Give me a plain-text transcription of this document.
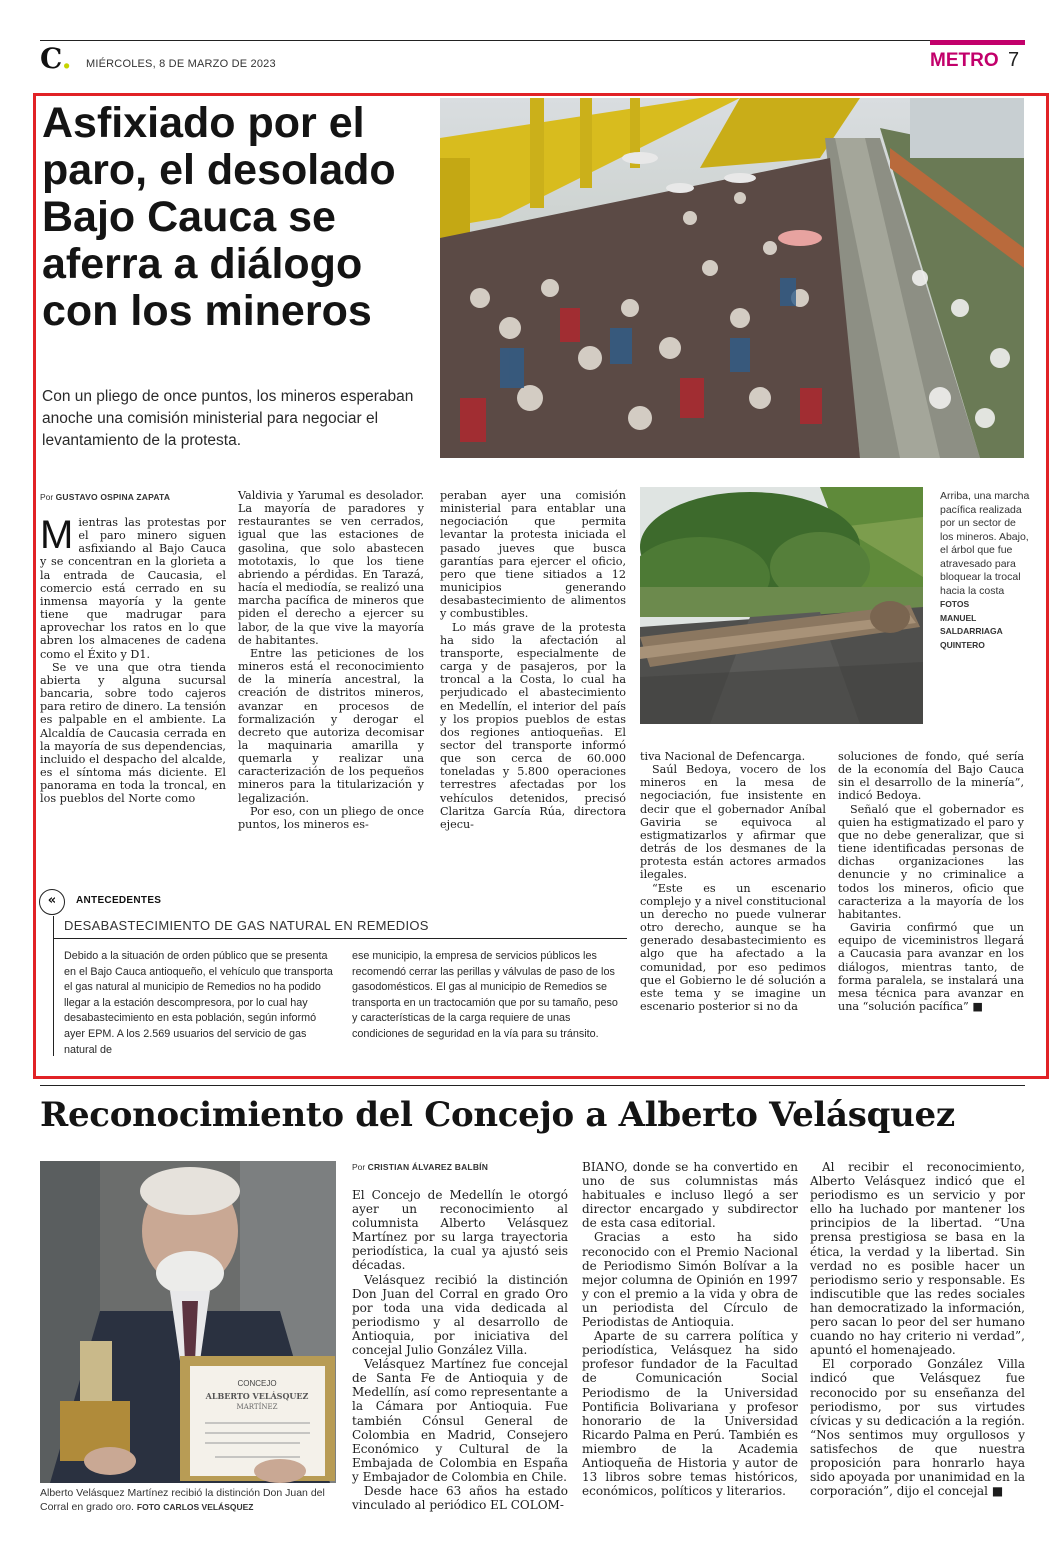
C. MIÉRCOLES, 8 DE MARZO DE 2023	METRO 7
Asfixiado por el paro, el desolado Bajo Cauca se aferra a diálogo con los mineros

Con un pliego de once puntos, los mineros esperaban anoche una comisión ministerial para negociar el levantamiento de la protesta.

Por GUSTAVO OSPINA ZAPATA

Mientras las protestas por el paro minero siguen asfixiando al Bajo Cauca y se concentran en la glorieta a la entrada de Caucasia, el comercio está cerrado en su inmensa mayoría y la gente tiene que madrugar para aprovechar los ratos en lo que abren los almacenes de cadena como el Éxito y D1.

Se ve una que otra tienda abierta y alguna sucursal bancaria, sobre todo cajeros para retiro de dinero. La tensión es palpable en el ambiente. La Alcaldía de Caucasia cerrada en la mayoría de sus dependencias, incluido el despacho del alcalde, es el síntoma más diciente. El panorama en toda la troncal, en los pueblos del Norte como

Valdivia y Yarumal es desolador. La mayoría de paradores y restaurantes se ven cerrados, igual que las estaciones de gasolina, que solo abastecen mototaxis, lo que los tiene abriendo a pérdidas. En Tarazá, hacía el mediodía, se realizó una marcha pacífica de mineros que piden el derecho a ejercer su labor, de la que vive la mayoría de habitantes.

Entre las peticiones de los mineros está el reconocimiento de la minería ancestral, la creación de distritos mineros, avanzar en procesos de formalización y derogar el decreto que autoriza decomisar la maquinaria amarilla y quemarla y realizar una caracterización de los pequeños mineros para la titularización y legalización.

Por eso, con un pliego de once puntos, los mineros es-

peraban ayer una comisión ministerial para entablar una negociación que permita levantar la protesta iniciada el pasado jueves que busca garantías para ejercer el oficio, pero que tiene sitiados a 12 municipios generando desabastecimiento de alimentos y combustibles.

Lo más grave de la protesta ha sido la afectación al transporte, especialmente de carga y de pasajeros, por la troncal a la Costa, lo cual ha perjudicado el abastecimiento en Medellín, el interior del país y los propios pueblos de estas dos regiones antioqueñas. El sector del transporte informó que son cerca de 60.000 toneladas y 5.800 operaciones terrestres afectadas por los vehículos detenidos, precisó Claritza García Rúa, directora ejecu-

Arriba, una marcha pacífica realizada por un sector de los mineros. Abajo, el árbol que fue atravesado para bloquear la trocal hacia la costa FOTOS
MANUEL SALDARRIAGA QUINTERO

tiva Nacional de Defencarga.

Saúl Bedoya, vocero de los mineros en la mesa de negociación, fue insistente en decir que el gobernador Aníbal Gaviria se equivoca al estigmatizarlos y afirmar que detrás de los desmanes de la protesta están actores armados ilegales.

“Este es un escenario complejo y a nivel constitucional un derecho no puede vulnerar otro derecho, aunque se ha generado desabastecimiento es algo que ha afectado a la comunidad, por eso pedimos que el Gobierno le dé solución a este tema y se imagine un escenario posterior si no da

soluciones de fondo, qué sería de la economía del Bajo Cauca sin el desarrollo de la minería”, indicó Bedoya.

Señaló que el gobernador es quien ha estigmatizado el paro y que no debe generalizar, que si tiene identificadas personas de dichas organizaciones las denuncie y no criminalice a todos los mineros, oficio que caracteriza a la mayoría de los habitantes.

Gaviria confirmó que un equipo de viceministros llegará a Caucasia para avanzar en los diálogos, mientras tanto, de forma paralela, se instalará una mesa técnica para avanzar en una “solución pacífica” ■

«	ANTECEDENTES
DESABASTECIMIENTO DE GAS NATURAL EN REMEDIOS
Debido a la situación de orden público que se presenta en el Bajo Cauca antioqueño, el vehículo que transporta el gas natural al municipio de Remedios no ha podido llegar a la estación descompresora, por lo cual hay desabastecimiento en esta población, según informó ayer EPM. A los 2.569 usuarios del servicio de gas natural de
ese municipio, la empresa de servicios públicos les recomendó cerrar las perillas y válvulas de paso de los gasodomésticos. El gas al municipio de Remedios se transporta en un tractocamión que por su tamaño, peso y características de la carga requiere de unas condiciones de seguridad en la vía para su tránsito.
Reconocimiento del Concejo a Alberto Velásquez
CONCEJO
ALBERTO VELÁSQUEZ
MARTÍNEZ
Alberto Velásquez Martínez recibió la distinción Don Juan del Corral en grado oro. FOTO CARLOS VELÁSQUEZ
Por CRISTIAN ÁLVAREZ BALBÍN

El Concejo de Medellín le otorgó ayer un reconocimiento al columnista Alberto Velásquez Martínez por su larga trayectoria periodística, la cual ya ajustó seis décadas.

Velásquez recibió la distinción Don Juan del Corral en grado Oro por toda una vida dedicada al periodismo y al desarrollo de Antioquia, por iniciativa del concejal Julio González Villa.

Velásquez Martínez fue concejal de Santa Fe de Antioquia y de Medellín, así como representante a la Cámara por Antioquia. Fue también Cónsul General de Colombia en Madrid, Consejero Económico y Cultural de la Embajada de Colombia en España y Embajador de Colombia en Chile.

Desde hace 63 años ha estado vinculado al periódico EL COLOM-

BIANO, donde se ha convertido en uno de sus columnistas más habituales e incluso llegó a ser director encargado y subdirector de esta casa editorial.

Gracias a esto ha sido reconocido con el Premio Nacional de Periodismo Simón Bolívar a la mejor columna de Opinión en 1997 y con el premio a la vida y obra de un periodista del Círculo de Periodistas de Antioquia.

Aparte de su carrera política y periodística, Velásquez ha sido profesor fundador de la Facultad de Comunicación Social Periodismo de la Universidad Pontificia Bolivariana y profesor honorario de la Universidad Ricardo Palma en Perú. También es miembro de la Academia Antioqueña de Historia y autor de 13 libros sobre temas históricos, económicos, políticos y literarios.

Al recibir el reconocimiento, Alberto Velásquez indicó que el periodismo es un servicio y por ello ha luchado por mantener los principios de la libertad. “Una prensa prestigiosa se basa en la ética, la verdad y la libertad. Sin verdad no es posible hacer un periodismo serio y responsable. Es indiscutible que las redes sociales han democratizado la información, pero sacan lo peor del ser humano cuando no hay criterio ni verdad”, apuntó el homenajeado.

El corporado González Villa indicó que Velásquez fue reconocido por su enseñanza del periodismo, por sus virtudes cívicas y su dedicación a la región. “Nos sentimos muy orgullosos y satisfechos de que nuestra proposición para honrarlo haya sido apoyada por unanimidad en la corporación”, dijo el concejal ■
